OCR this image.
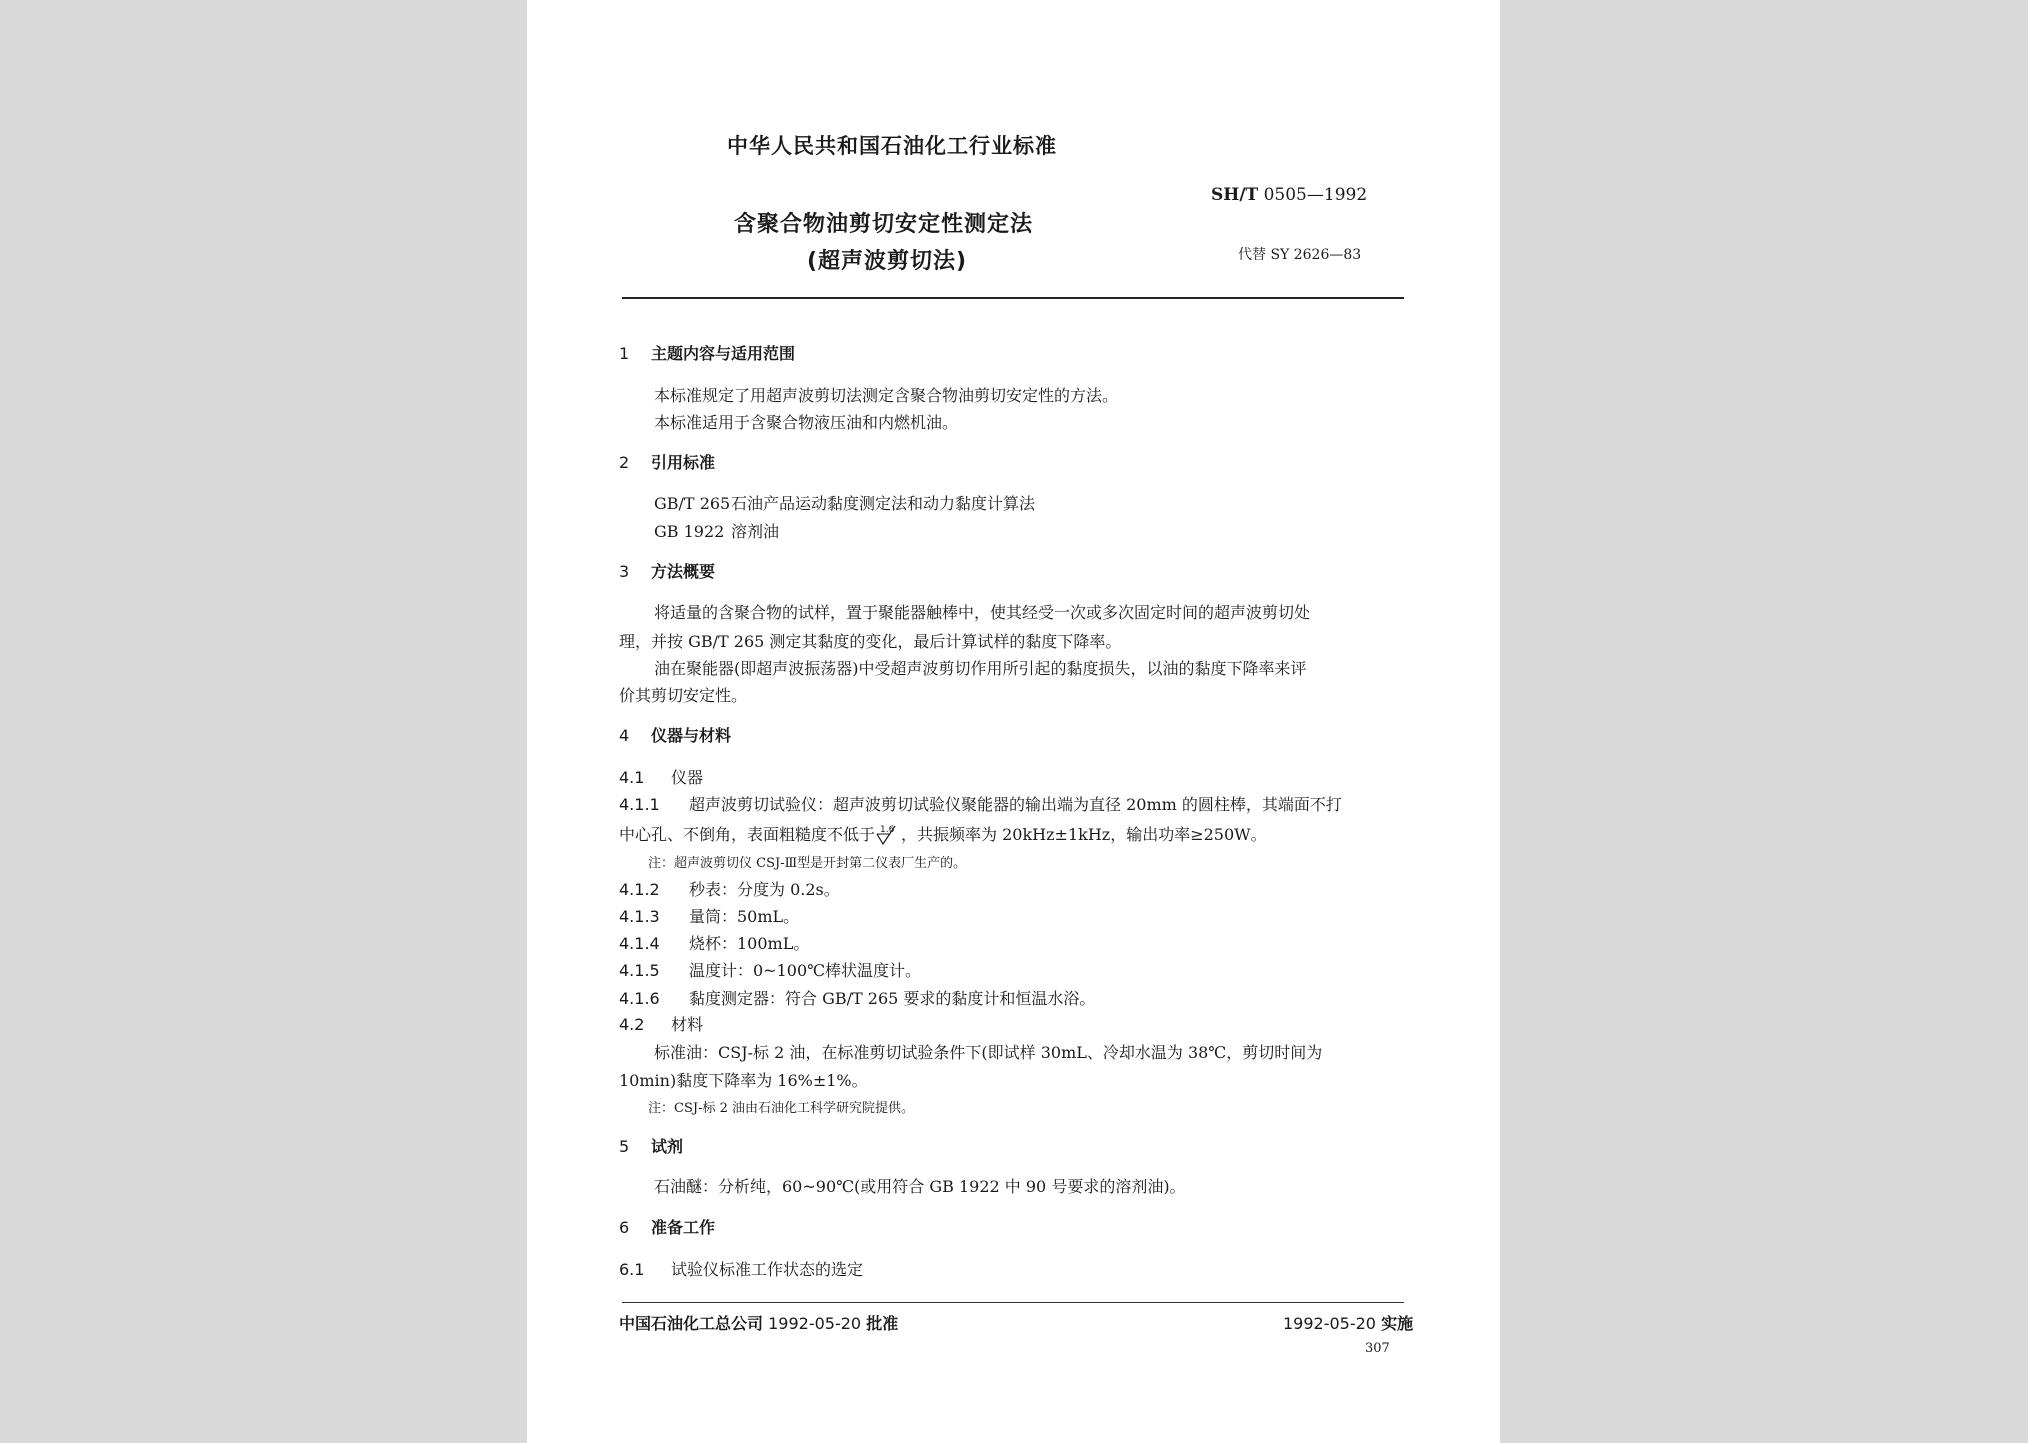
中华人民共和国石油化工行业标准
SH/T 0505—1992
含聚合物油剪切安定性测定法
(超声波剪切法)	代替 SY 2626—83
1 主题内容与适用范围
本标准规定了用超声波剪切法测定含聚合物油剪切安定性的方法。
本标准适用于含聚合物液压油和内燃机油。
2 引用标准
GB/T 265石油产品运动黏度测定法和动力黏度计算法
GB 1922 溶剂油
3 方法概要
将适量的含聚合物的试样，置于聚能器触棒中，使其经受一次或多次固定时间的超声波剪切处
理，并按 GB/T 265 测定其黏度的变化，最后计算试样的黏度下降率。
油在聚能器(即超声波振荡器)中受超声波剪切作用所引起的黏度损失，以油的黏度下降率来评
价其剪切安定性。
4 仪器与材料
4.1 仪器
4.1.1 超声波剪切试验仪：超声波剪切试验仪聚能器的输出端为直径 20mm 的圆柱棒，其端面不打
中心孔、不倒角，表面粗糙度不低于 1.6 ，共振频率为 20kHz±1kHz，输出功率≥250W。
注：超声波剪切仪 CSJ-Ⅲ型是开封第二仪表厂生产的。
4.1.2 秒表：分度为 0.2s。
4.1.3 量筒：50mL。
4.1.4 烧杯：100mL。
4.1.5 温度计：0~100℃棒状温度计。
4.1.6 黏度测定器：符合 GB/T 265 要求的黏度计和恒温水浴。
4.2 材料
标准油：CSJ-标 2 油，在标准剪切试验条件下(即试样 30mL、冷却水温为 38℃，剪切时间为
10min)黏度下降率为 16%±1%。
注：CSJ-标 2 油由石油化工科学研究院提供。
5 试剂
石油醚：分析纯，60~90℃(或用符合 GB 1922 中 90 号要求的溶剂油)。
6 准备工作
6.1 试验仪标准工作状态的选定
中国石油化工总公司 1992-05-20 批准	1992-05-20 实施
307
